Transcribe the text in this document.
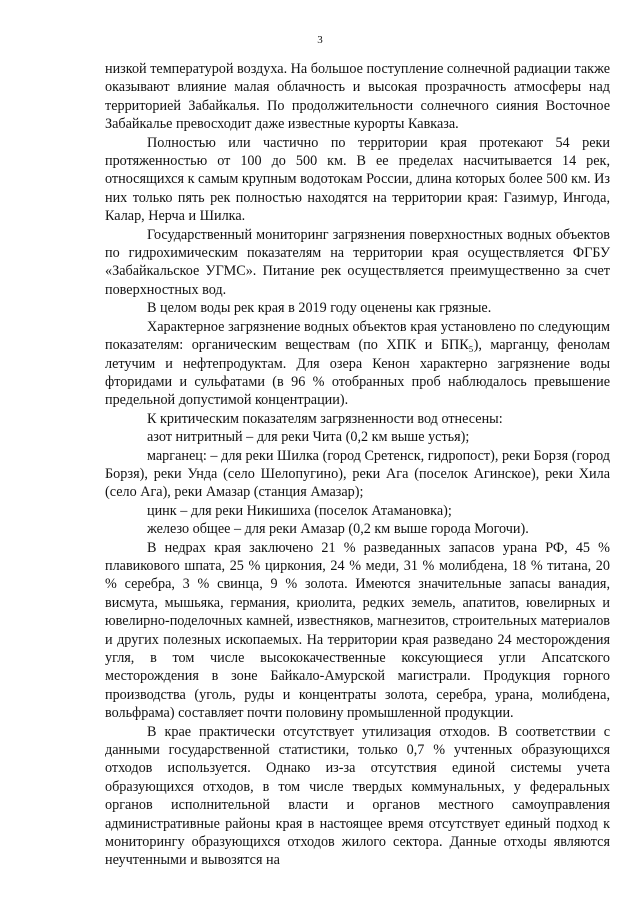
3

низкой температурой воздуха. На большое поступление солнечной радиации также оказывают влияние малая облачность и высокая прозрачность атмосферы над территорией Забайкалья. По продолжительности солнечного сияния Восточное Забайкалье превосходит даже известные курорты Кавказа.

Полностью или частично по территории края протекают 54 реки протяженностью от 100 до 500 км. В ее пределах насчитывается 14 рек, относящихся к самым крупным водотокам России, длина которых более 500 км. Из них только пять рек полностью находятся на территории края: Газимур, Ингода, Калар, Нерча и Шилка.

Государственный мониторинг загрязнения поверхностных водных объектов по гидрохимическим показателям на территории края осуществляется ФГБУ «Забайкальское УГМС». Питание рек осуществляется преимущественно за счет поверхностных вод.

В целом воды рек края в 2019 году оценены как грязные.

Характерное загрязнение водных объектов края установлено по следующим показателям: органическим веществам (по ХПК и БПК₅), марганцу, фенолам летучим и нефтепродуктам. Для озера Кенон характерно загрязнение воды фторидами и сульфатами (в 96 % отобранных проб наблюдалось превышение предельной допустимой концентрации).

К критическим показателям загрязненности вод отнесены:

азот нитритный – для реки Чита (0,2 км выше устья);

марганец: – для реки Шилка (город Сретенск, гидропост), реки Борзя (город Борзя), реки Унда (село Шелопугино), реки Ага (поселок Агинское), реки Хила (село Ага), реки Амазар (станция Амазар);

цинк – для реки Никишиха (поселок Атамановка);

железо общее – для реки Амазар (0,2 км выше города Могочи).

В недрах края заключено 21 % разведанных запасов урана РФ, 45 % плавикового шпата, 25 % циркония, 24 % меди, 31 % молибдена, 18 % титана, 20 % серебра, 3 % свинца, 9 % золота. Имеются значительные запасы ванадия, висмута, мышьяка, германия, криолита, редких земель, апатитов, ювелирных и ювелирно-поделочных камней, известняков, магнезитов, строительных материалов и других полезных ископаемых. На территории края разведано 24 месторождения угля, в том числе высококачественные коксующиеся угли Апсатского месторождения в зоне Байкало-Амурской магистрали. Продукция горного производства (уголь, руды и концентраты золота, серебра, урана, молибдена, вольфрама) составляет почти половину промышленной продукции.

В крае практически отсутствует утилизация отходов. В соответствии с данными государственной статистики, только 0,7 % учтенных образующихся отходов используется. Однако из-за отсутствия единой системы учета образующихся отходов, в том числе твердых коммунальных, у федеральных органов исполнительной власти и органов местного самоуправления административные районы края в настоящее время отсутствует единый подход к мониторингу образующихся отходов жилого сектора. Данные отходы являются неучтенными и вывозятся на
